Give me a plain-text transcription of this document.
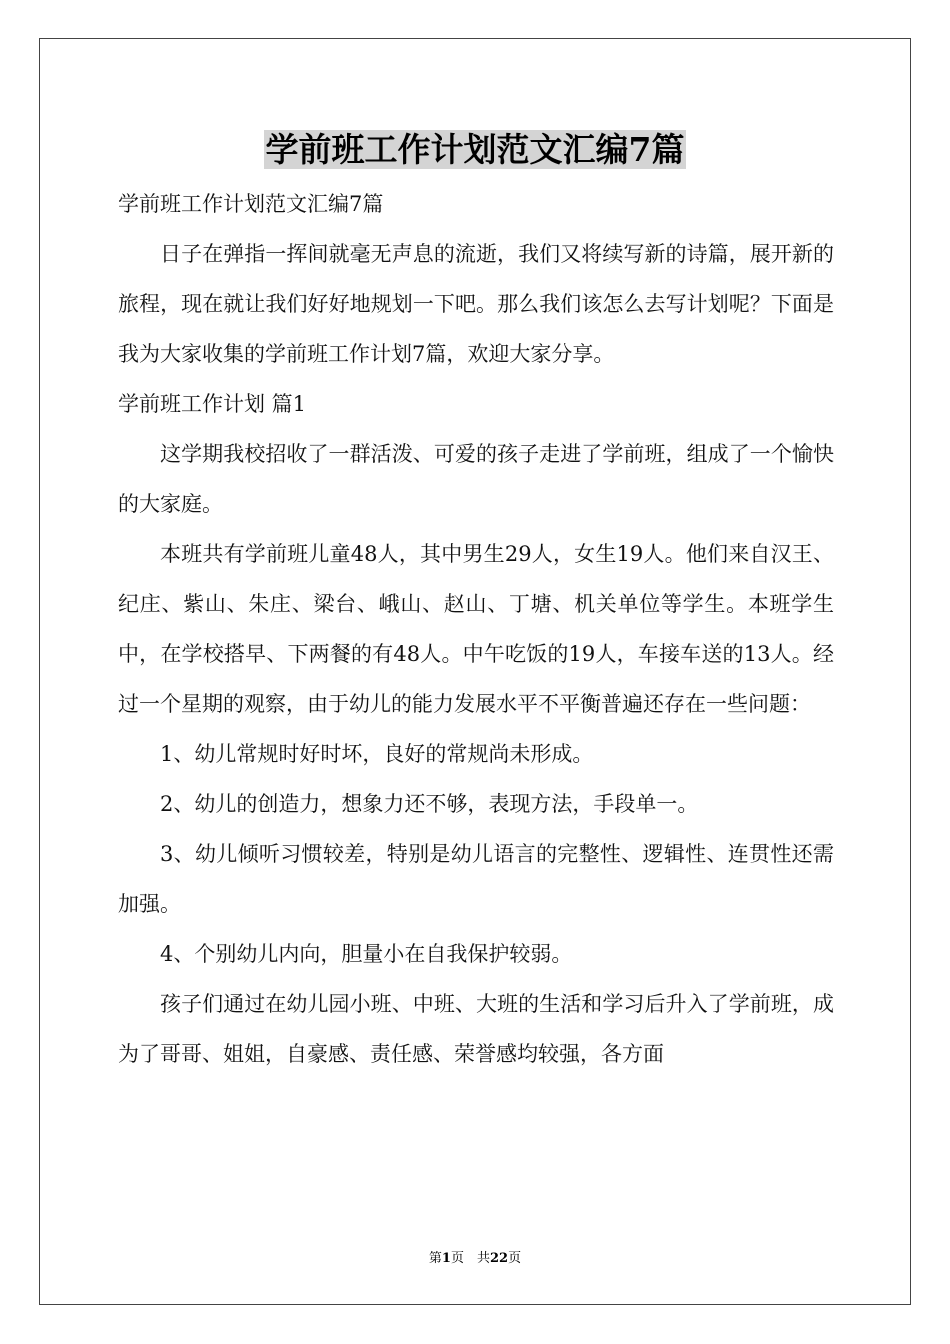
学前班工作计划范文汇编7篇

学前班工作计划范文汇编7篇

日子在弹指一挥间就毫无声息的流逝，我们又将续写新的诗篇，展开新的旅程，现在就让我们好好地规划一下吧。那么我们该怎么去写计划呢？下面是我为大家收集的学前班工作计划7篇，欢迎大家分享。

学前班工作计划 篇1

这学期我校招收了一群活泼、可爱的孩子走进了学前班，组成了一个愉快的大家庭。

本班共有学前班儿童48人，其中男生29人，女生19人。他们来自汉王、纪庄、紫山、朱庄、梁台、峨山、赵山、丁塘、机关单位等学生。本班学生中，在学校搭早、下两餐的有48人。中午吃饭的19人，车接车送的13人。经过一个星期的观察，由于幼儿的能力发展水平不平衡普遍还存在一些问题：

1、幼儿常规时好时坏，良好的常规尚未形成。

2、幼儿的创造力，想象力还不够，表现方法，手段单一。

3、幼儿倾听习惯较差，特别是幼儿语言的完整性、逻辑性、连贯性还需加强。

4、个别幼儿内向，胆量小在自我保护较弱。

孩子们通过在幼儿园小班、中班、大班的生活和学习后升入了学前班，成为了哥哥、姐姐，自豪感、责任感、荣誉感均较强，各方面

第1页　共22页
